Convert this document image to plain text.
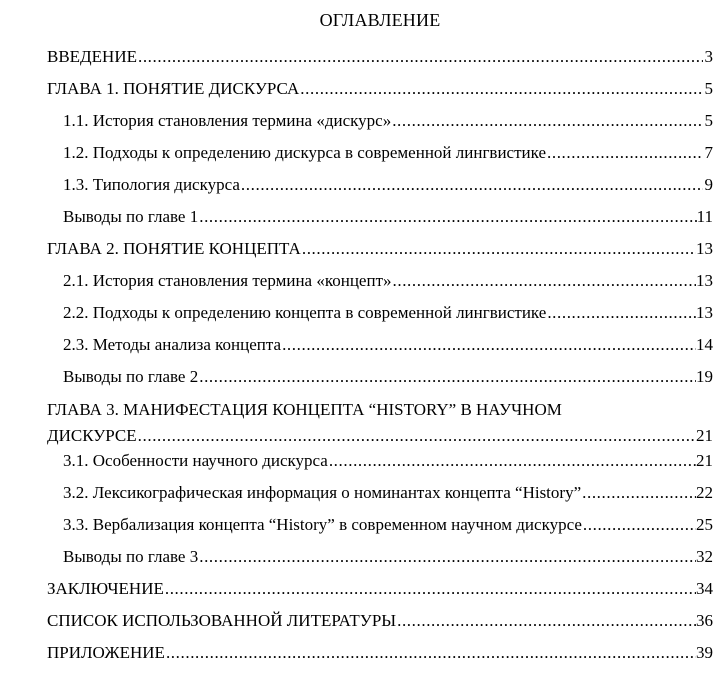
ОГЛАВЛЕНИЕ
ВВЕДЕНИЕ .....	3
ГЛАВА 1. ПОНЯТИЕ ДИСКУРСА .....	5
1.1. История становления термина «дискурс» .....	5
1.2. Подходы к определению дискурса в современной лингвистике .....	7
1.3. Типология дискурса .....	9
Выводы по главе 1 .....	11
ГЛАВА 2. ПОНЯТИЕ КОНЦЕПТА .....	13
2.1. История становления термина «концепт» .....	13
2.2. Подходы к определению концепта в современной лингвистике .....	13
2.3. Методы анализа концепта .....	14
Выводы по главе 2 .....	19
ГЛАВА 3. МАНИФЕСТАЦИЯ КОНЦЕПТА “HISTORY” В НАУЧНОМ
ДИСКУРСЕ .....	21
3.1. Особенности научного дискурса .....	21
3.2. Лексикографическая информация о номинантах концепта “History” .....	22
3.3. Вербализация концепта “History” в современном научном дискурсе .....	25
Выводы по главе 3 .....	32
ЗАКЛЮЧЕНИЕ .....	34
СПИСОК ИСПОЛЬЗОВАННОЙ ЛИТЕРАТУРЫ .....	36
ПРИЛОЖЕНИЕ .....	39
